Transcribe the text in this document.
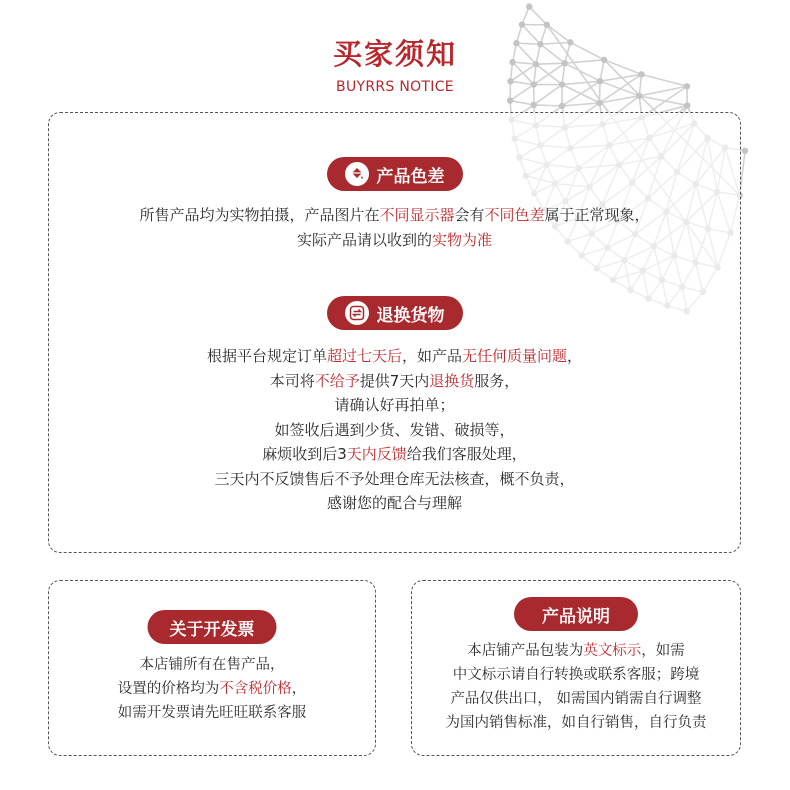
买家须知
BUYRRS NOTICE
产品色差
所售产品均为实物拍摄，产品图片在不同显示器会有不同色差属于正常现象，
实际产品请以收到的实物为准
退换货物
根据平台规定订单超过七天后，如产品无任何质量问题，
本司将不给予提供7天内退换货服务，
请确认好再拍单；
如签收后遇到少货、发错、破损等，
麻烦收到后3天内反馈给我们客服处理，
三天内不反馈售后不予处理仓库无法核查，概不负责，
感谢您的配合与理解
关于开发票
本店铺所有在售产品，
设置的价格均为不含税价格，
如需开发票请先旺旺联系客服
产品说明
本店铺产品包装为英文标示，如需
中文标示请自行转换或联系客服；跨境
产品仅供出口， 如需国内销需自行调整
为国内销售标准，如自行销售，自行负责
